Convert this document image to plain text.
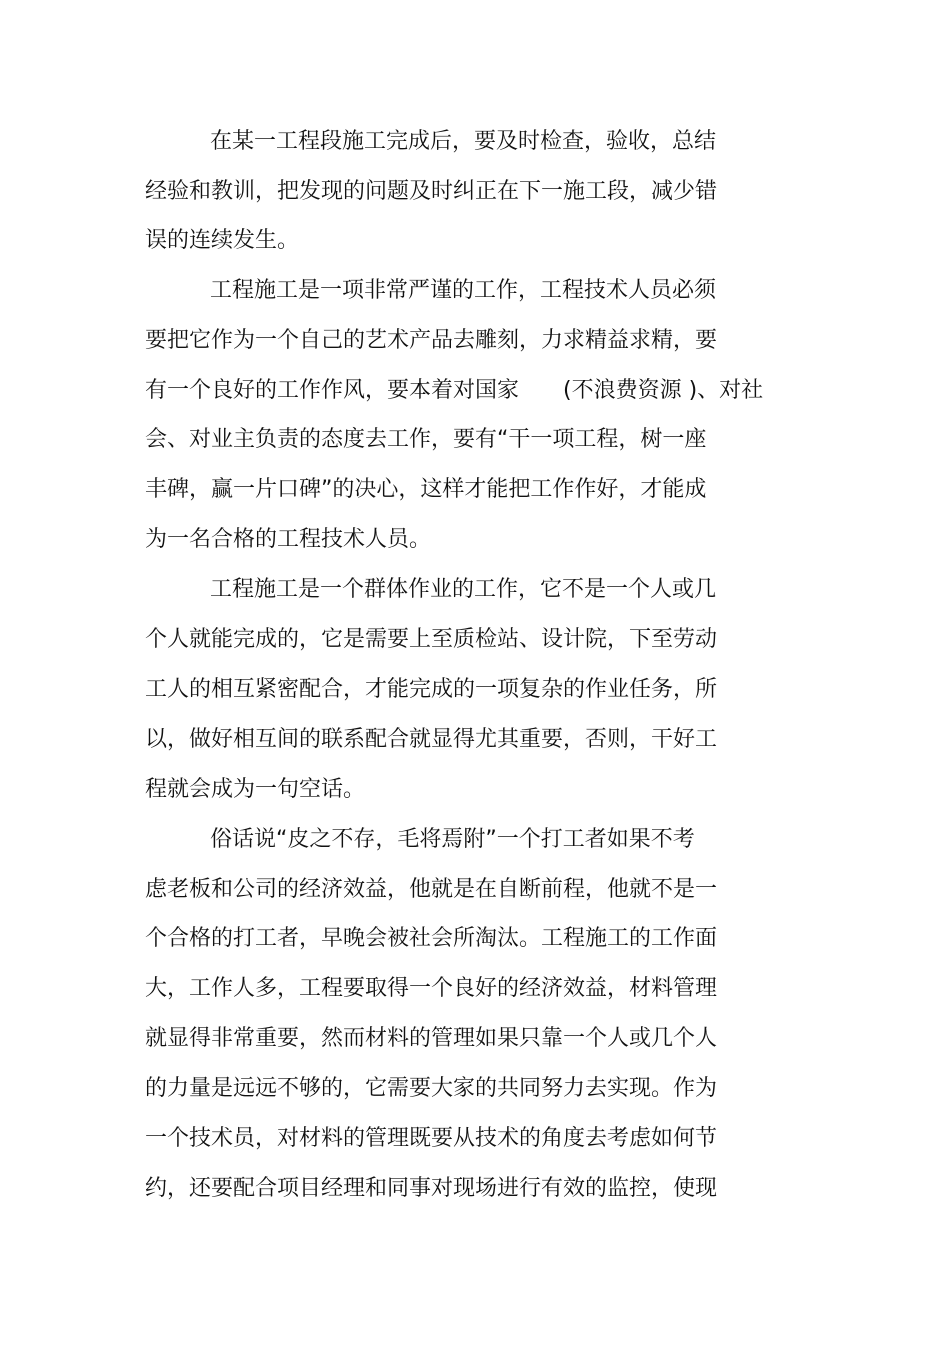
在某一工程段施工完成后，要及时检查，验收，总结

经验和教训，把发现的问题及时纠正在下一施工段，减少错

误的连续发生。

工程施工是一项非常严谨的工作，工程技术人员必须

要把它作为一个自己的艺术产品去雕刻，力求精益求精，要

有一个良好的工作作风，要本着对国家　　(不浪费资源 )、对社

会、对业主负责的态度去工作，要有“干一项工程，树一座

丰碑，赢一片口碑”的决心，这样才能把工作作好，才能成

为一名合格的工程技术人员。

工程施工是一个群体作业的工作，它不是一个人或几

个人就能完成的，它是需要上至质检站、设计院，下至劳动

工人的相互紧密配合，才能完成的一项复杂的作业任务，所

以，做好相互间的联系配合就显得尤其重要，否则，干好工

程就会成为一句空话。

俗话说“皮之不存，毛将焉附”一个打工者如果不考

虑老板和公司的经济效益，他就是在自断前程，他就不是一

个合格的打工者，早晚会被社会所淘汰。工程施工的工作面

大，工作人多，工程要取得一个良好的经济效益，材料管理

就显得非常重要，然而材料的管理如果只靠一个人或几个人

的力量是远远不够的，它需要大家的共同努力去实现。作为

一个技术员，对材料的管理既要从技术的角度去考虑如何节

约，还要配合项目经理和同事对现场进行有效的监控，使现
